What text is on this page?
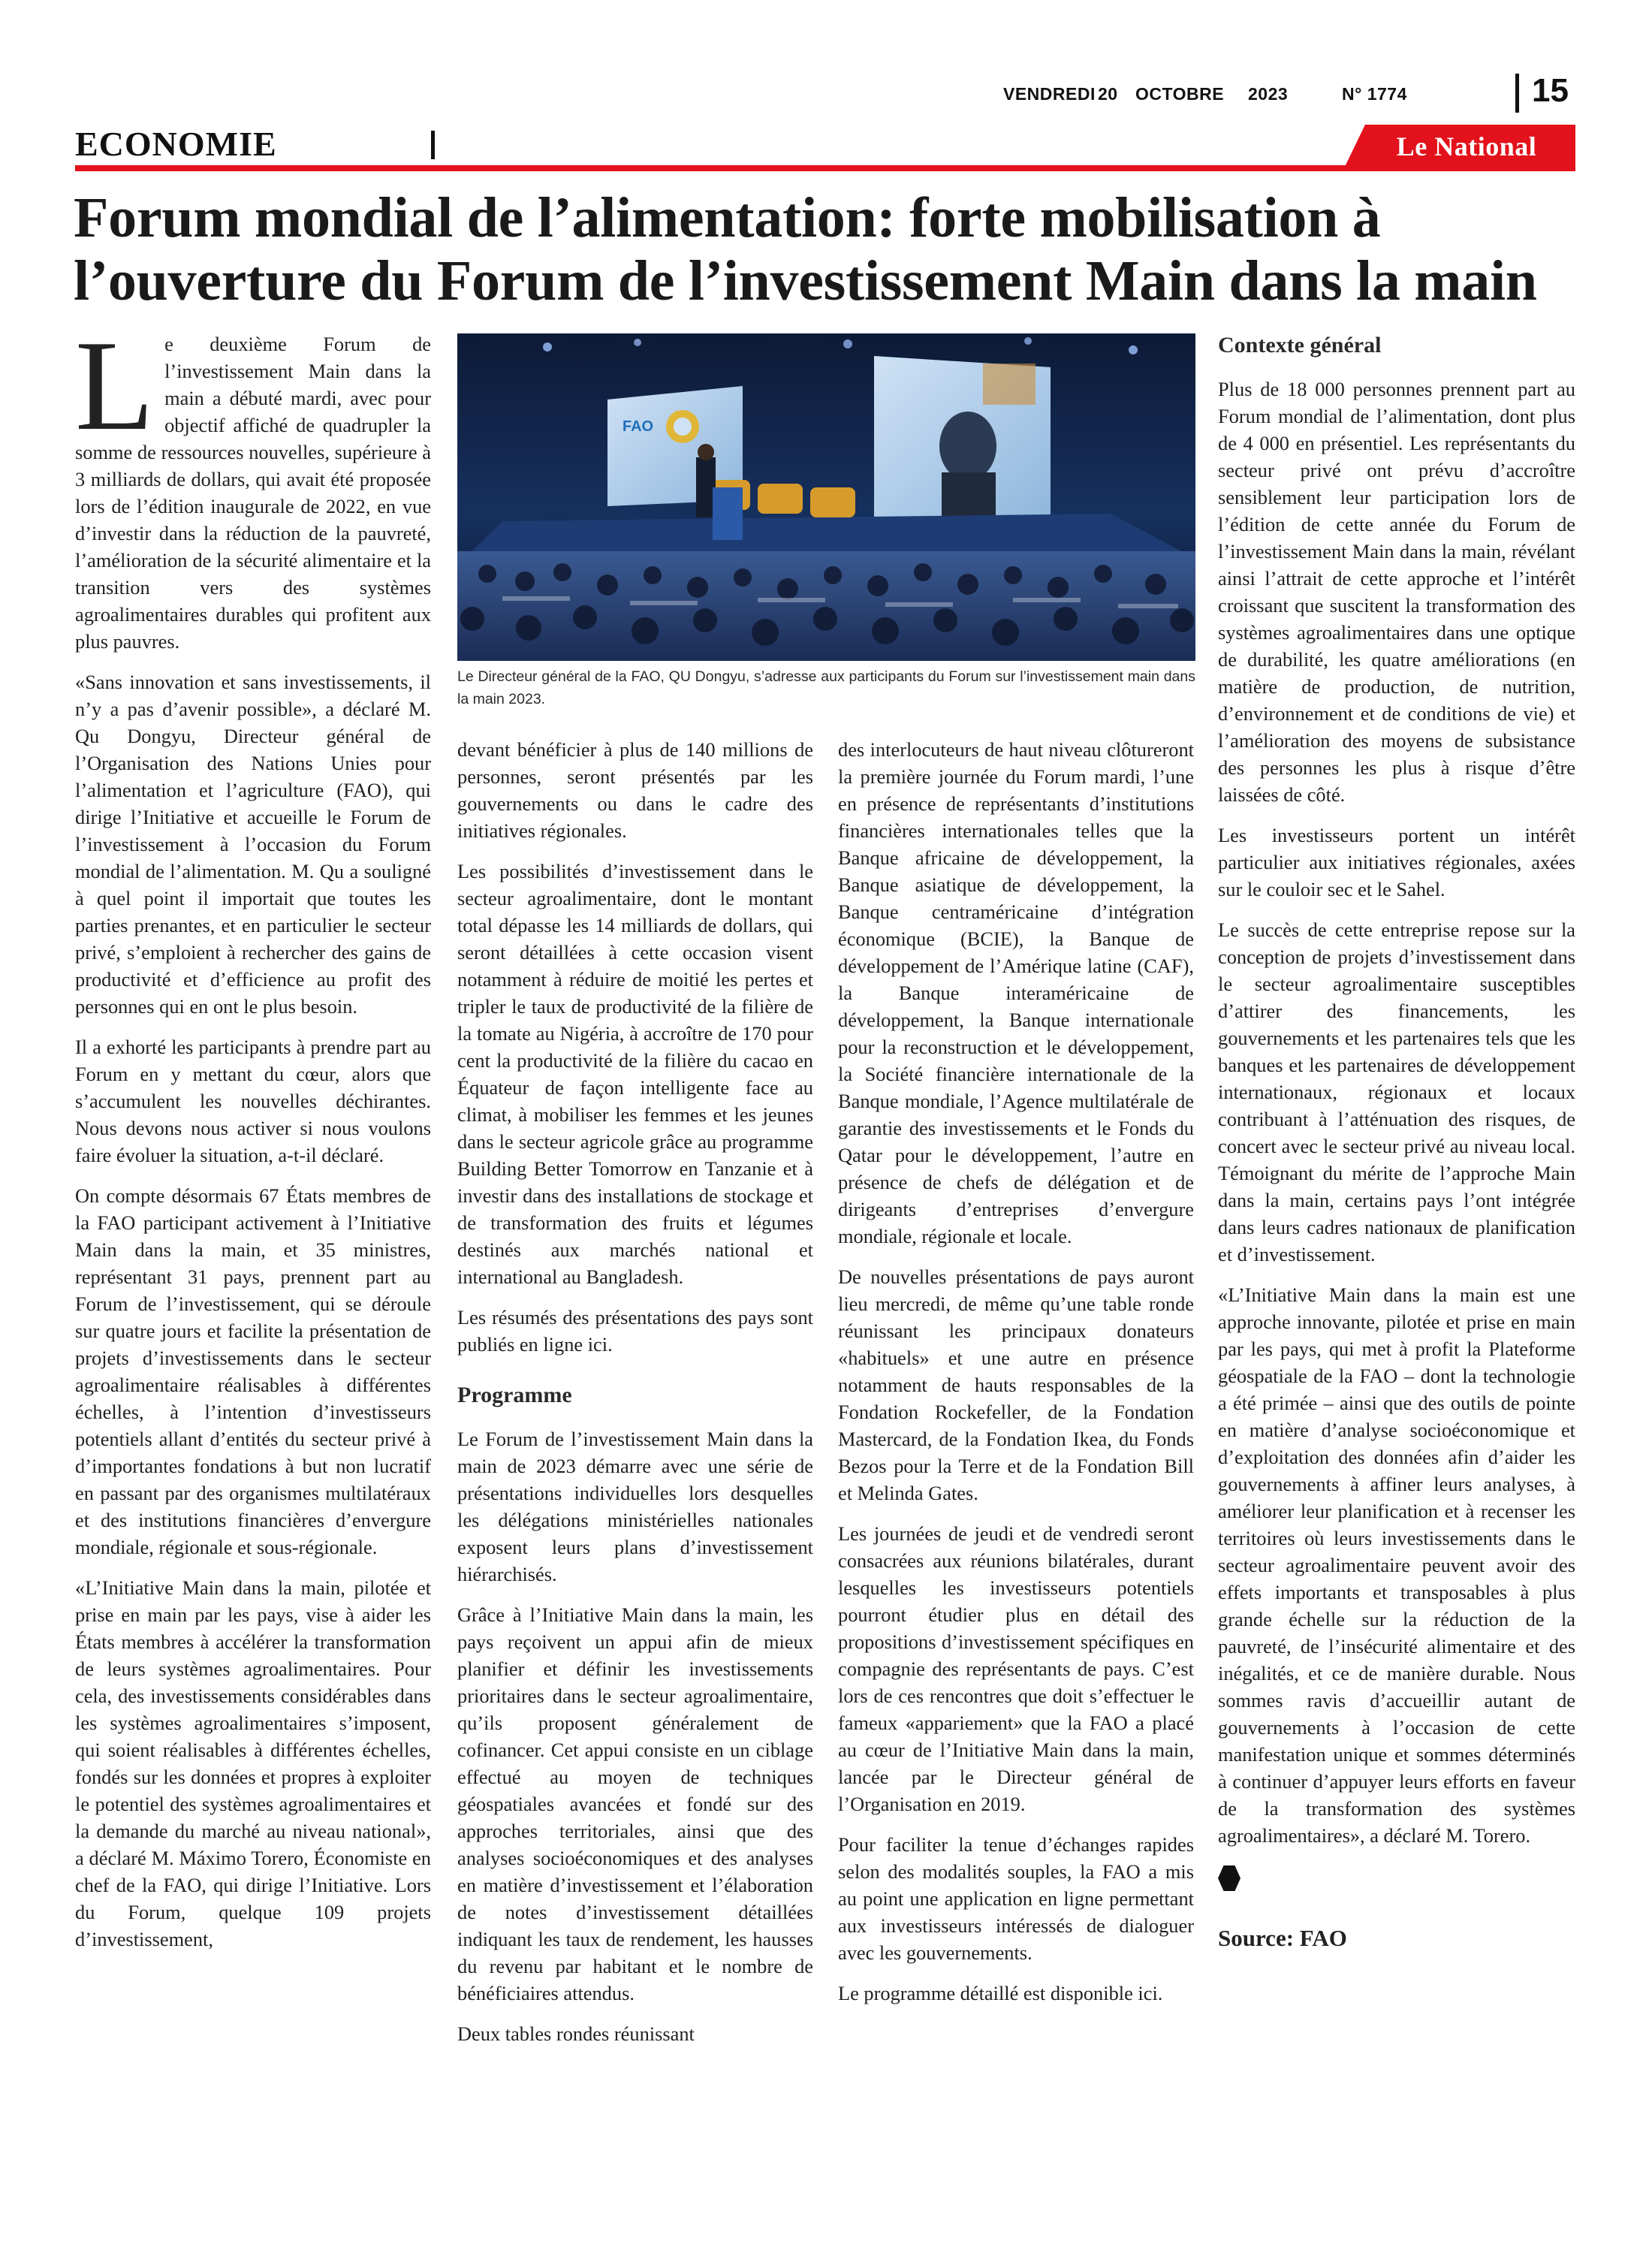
VENDREDI 20	OCTOBRE	2023	N° 1774	15
ECONOMIE	Le National
Forum mondial de l’alimentation: forte mobilisation à l’ouverture du Forum de l’investissement Main dans la main

Le deuxième Forum de l’investissement Main dans la main a débuté mardi, avec pour objectif affiché de quadrupler la somme de ressources nouvelles, supérieure à 3 milliards de dollars, qui avait été proposée lors de l’édition inaugurale de 2022, en vue d’investir dans la réduction de la pauvreté, l’amélioration de la sécurité alimentaire et la transition vers des systèmes agroalimentaires durables qui profitent aux plus pauvres.

«Sans innovation et sans investissements, il n’y a pas d’avenir possible», a déclaré M. Qu Dongyu, Directeur général de l’Organisation des Nations Unies pour l’alimentation et l’agriculture (FAO), qui dirige l’Initiative et accueille le Forum de l’investissement à l’occasion du Forum mondial de l’alimentation. M. Qu a souligné à quel point il importait que toutes les parties prenantes, et en particulier le secteur privé, s’emploient à rechercher des gains de productivité et d’efficience au profit des personnes qui en ont le plus besoin.

Il a exhorté les participants à prendre part au Forum en y mettant du cœur, alors que s’accumulent les nouvelles déchirantes. Nous devons nous activer si nous voulons faire évoluer la situation, a-t-il déclaré.

On compte désormais 67 États membres de la FAO participant activement à l’Initiative Main dans la main, et 35 ministres, représentant 31 pays, prennent part au Forum de l’investissement, qui se déroule sur quatre jours et facilite la présentation de projets d’investissements dans le secteur agroalimentaire réalisables à différentes échelles, à l’intention d’investisseurs potentiels allant d’entités du secteur privé à d’importantes fondations à but non lucratif en passant par des organismes multilatéraux et des institutions financières d’envergure mondiale, régionale et sous-régionale.

«L’Initiative Main dans la main, pilotée et prise en main par les pays, vise à aider les États membres à accélérer la transformation de leurs systèmes agroalimentaires. Pour cela, des investissements considérables dans les systèmes agroalimentaires s’imposent, qui soient réalisables à différentes échelles, fondés sur les données et propres à exploiter le potentiel des systèmes agroalimentaires et la demande du marché au niveau national», a déclaré M. Máximo Torero, Économiste en chef de la FAO, qui dirige l’Initiative. Lors du Forum, quelque 109 projets d’investissement,

FAO
Le Directeur général de la FAO, QU Dongyu, s’adresse aux participants du Forum sur l’investissement main dans la main 2023.

devant bénéficier à plus de 140 millions de personnes, seront présentés par les gouvernements ou dans le cadre des initiatives régionales.

Les possibilités d’investissement dans le secteur agroalimentaire, dont le montant total dépasse les 14 milliards de dollars, qui seront détaillées à cette occasion visent notamment à réduire de moitié les pertes et tripler le taux de productivité de la filière de la tomate au Nigéria, à accroître de 170 pour cent la productivité de la filière du cacao en Équateur de façon intelligente face au climat, à mobiliser les femmes et les jeunes dans le secteur agricole grâce au programme Building Better Tomorrow en Tanzanie et à investir dans des installations de stockage et de transformation des fruits et légumes destinés aux marchés national et international au Bangladesh.

Les résumés des présentations des pays sont publiés en ligne ici.

Programme

Le Forum de l’investissement Main dans la main de 2023 démarre avec une série de présentations individuelles lors desquelles les délégations ministérielles nationales exposent leurs plans d’investissement hiérarchisés.

Grâce à l’Initiative Main dans la main, les pays reçoivent un appui afin de mieux planifier et définir les investissements prioritaires dans le secteur agroalimentaire, qu’ils proposent généralement de cofinancer. Cet appui consiste en un ciblage effectué au moyen de techniques géospatiales avancées et fondé sur des approches territoriales, ainsi que des analyses socioéconomiques et des analyses en matière d’investissement et l’élaboration de notes d’investissement détaillées indiquant les taux de rendement, les hausses du revenu par habitant et le nombre de bénéficiaires attendus.

Deux tables rondes réunissant

des interlocuteurs de haut niveau clôtureront la première journée du Forum mardi, l’une en présence de représentants d’institutions financières internationales telles que la Banque africaine de développement, la Banque asiatique de développement, la Banque centraméricaine d’intégration économique (BCIE), la Banque de développement de l’Amérique latine (CAF), la Banque interaméricaine de développement, la Banque internationale pour la reconstruction et le développement, la Société financière internationale de la Banque mondiale, l’Agence multilatérale de garantie des investissements et le Fonds du Qatar pour le développement, l’autre en présence de chefs de délégation et de dirigeants d’entreprises d’envergure mondiale, régionale et locale.

De nouvelles présentations de pays auront lieu mercredi, de même qu’une table ronde réunissant les principaux donateurs «habituels» et une autre en présence notamment de hauts responsables de la Fondation Rockefeller, de la Fondation Mastercard, de la Fondation Ikea, du Fonds Bezos pour la Terre et de la Fondation Bill et Melinda Gates.

Les journées de jeudi et de vendredi seront consacrées aux réunions bilatérales, durant lesquelles les investisseurs potentiels pourront étudier plus en détail des propositions d’investissement spécifiques en compagnie des représentants de pays. C’est lors de ces rencontres que doit s’effectuer le fameux «appariement» que la FAO a placé au cœur de l’Initiative Main dans la main, lancée par le Directeur général de l’Organisation en 2019.

Pour faciliter la tenue d’échanges rapides selon des modalités souples, la FAO a mis au point une application en ligne permettant aux investisseurs intéressés de dialoguer avec les gouvernements.

Le programme détaillé est disponible ici.

Contexte général

Plus de 18 000 personnes prennent part au Forum mondial de l’alimentation, dont plus de 4 000 en présentiel. Les représentants du secteur privé ont prévu d’accroître sensiblement leur participation lors de l’édition de cette année du Forum de l’investissement Main dans la main, révélant ainsi l’attrait de cette approche et l’intérêt croissant que suscitent la transformation des systèmes agroalimentaires dans une optique de durabilité, les quatre améliorations (en matière de production, de nutrition, d’environnement et de conditions de vie) et l’amélioration des moyens de subsistance des personnes les plus à risque d’être laissées de côté.

Les investisseurs portent un intérêt particulier aux initiatives régionales, axées sur le couloir sec et le Sahel.

Le succès de cette entreprise repose sur la conception de projets d’investissement dans le secteur agroalimentaire susceptibles d’attirer des financements, les gouvernements et les partenaires tels que les banques et les partenaires de développement internationaux, régionaux et locaux contribuant à l’atténuation des risques, de concert avec le secteur privé au niveau local. Témoignant du mérite de l’approche Main dans la main, certains pays l’ont intégrée dans leurs cadres nationaux de planification et d’investissement.

«L’Initiative Main dans la main est une approche innovante, pilotée et prise en main par les pays, qui met à profit la Plateforme géospatiale de la FAO – dont la technologie a été primée – ainsi que des outils de pointe en matière d’analyse socioéconomique et d’exploitation des données afin d’aider les gouvernements à affiner leurs analyses, à améliorer leur planification et à recenser les territoires où leurs investissements dans le secteur agroalimentaire peuvent avoir des effets importants et transposables à plus grande échelle sur la réduction de la pauvreté, de l’insécurité alimentaire et des inégalités, et ce de manière durable. Nous sommes ravis d’accueillir autant de gouvernements à l’occasion de cette manifestation unique et sommes déterminés à continuer d’appuyer leurs efforts en faveur de la transformation des systèmes agroalimentaires», a déclaré M. Torero.

Source: FAO
